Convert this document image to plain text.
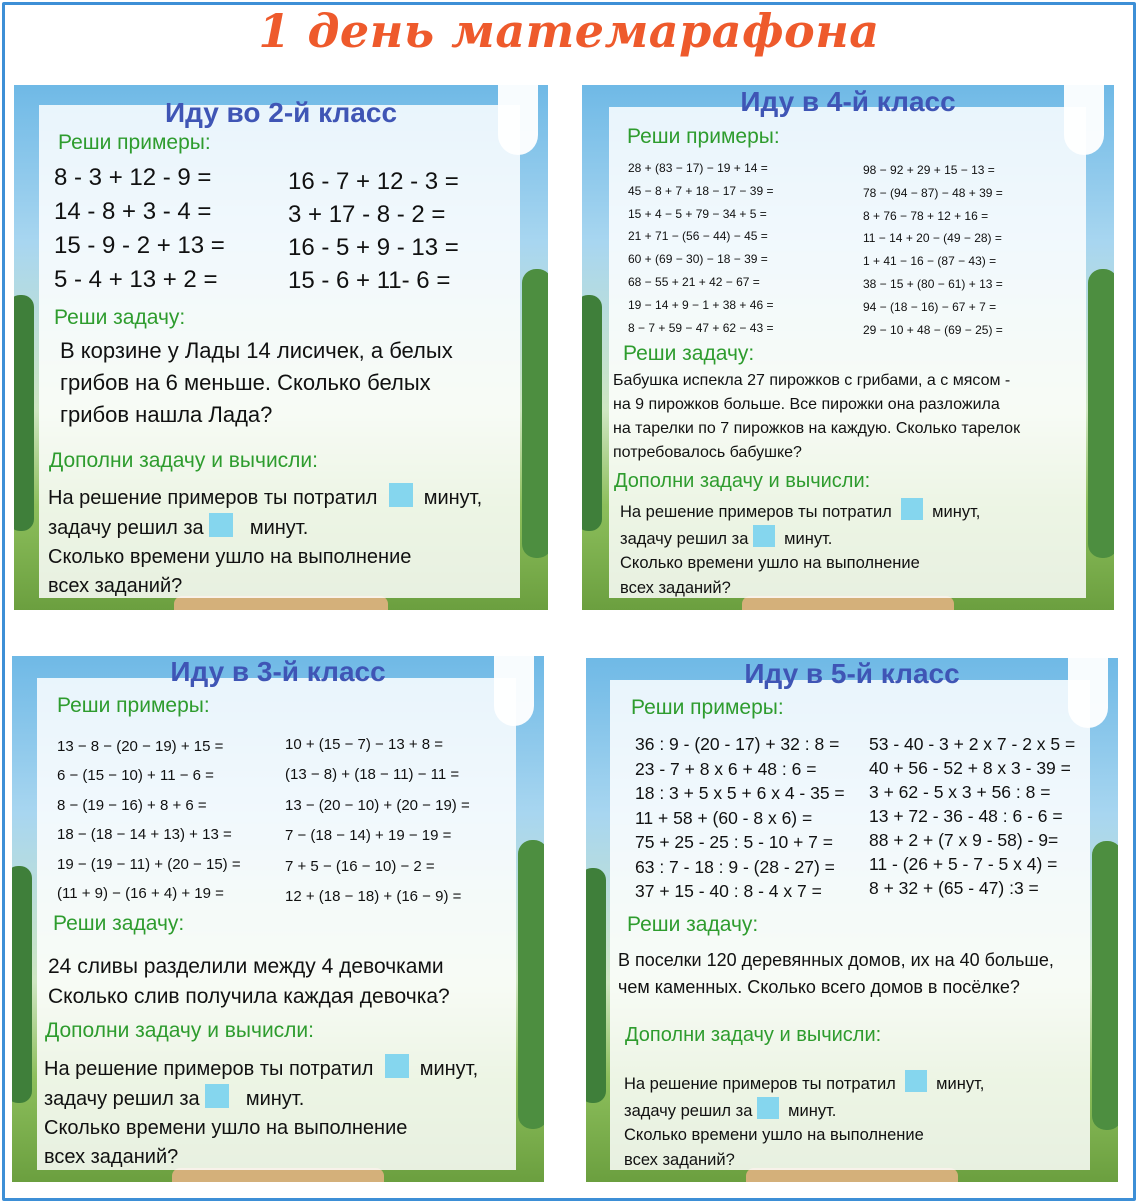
1 день матемарафона
Иду во 2-й класс
Реши примеры:
8 - 3 + 12 - 9 =
14 - 8 + 3 - 4 =
15 - 9 - 2 + 13 =
5 - 4 + 13 + 2 =
16 - 7 + 12 - 3 =
3 + 17 - 8 - 2 =
16 - 5 + 9 - 13 =
15 - 6 + 11- 6 =
Реши задачу:
В корзине у Лады 14 лисичек, а белых
грибов на 6 меньше. Сколько белых
грибов нашла Лада?
Дополни задачу и вычисли:
На решение примеров ты потратил минут,
задачу решил за минут.
Сколько времени ушло на выполнение
всех заданий?
Иду в 4-й класс
Реши примеры:
28 + (83 − 17) − 19 + 14 =
45 − 8 + 7 + 18 − 17 − 39 =
15 + 4 − 5 + 79 − 34 + 5 =
21 + 71 − (56 − 44) − 45 =
60 + (69 − 30) − 18 − 39 =
68 − 55 + 21 + 42 − 67 =
19 − 14 + 9 − 1 + 38 + 46 =
8 − 7 + 59 − 47 + 62 − 43 =
98 − 92 + 29 + 15 − 13 =
78 − (94 − 87) − 48 + 39 =
8 + 76 − 78 + 12 + 16 =
11 − 14 + 20 − (49 − 28) =
1 + 41 − 16 − (87 − 43) =
38 − 15 + (80 − 61) + 13 =
94 − (18 − 16) − 67 + 7 =
29 − 10 + 48 − (69 − 25) =
Реши задачу:
Бабушка испекла 27 пирожков с грибами, а с мясом -
на 9 пирожков больше. Все пирожки она разложила
на тарелки по 7 пирожков на каждую. Сколько тарелок
потребовалось бабушке?
Дополни задачу и вычисли:
На решение примеров ты потратил минут,
задачу решил за минут.
Сколько времени ушло на выполнение
всех заданий?
Иду в 3-й класс
Реши примеры:
13 − 8 − (20 − 19) + 15 =
6 − (15 − 10) + 11 − 6 =
8 − (19 − 16) + 8 + 6 =
18 − (18 − 14 + 13) + 13 =
19 − (19 − 11) + (20 − 15) =
(11 + 9) − (16 + 4) + 19 =
10 + (15 − 7) − 13 + 8 =
(13 − 8) + (18 − 11) − 11 =
13 − (20 − 10) + (20 − 19) =
7 − (18 − 14) + 19 − 19 =
7 + 5 − (16 − 10) − 2 =
12 + (18 − 18) + (16 − 9) =
Реши задачу:
24 сливы разделили между 4 девочками
Сколько слив получила каждая девочка?
Дополни задачу и вычисли:
На решение примеров ты потратил минут,
задачу решил за минут.
Сколько времени ушло на выполнение
всех заданий?
Иду в 5-й класс
Реши примеры:
36 : 9 - (20 - 17) + 32 : 8 =
23 - 7 + 8 х 6 + 48 : 6 =
18 : 3 + 5 х 5 + 6 х 4 - 35 =
11 + 58 + (60 - 8 х 6) =
75 + 25 - 25 : 5 - 10 + 7 =
63 : 7 - 18 : 9 - (28 - 27) =
37 + 15 - 40 : 8 - 4 х 7 =
53 - 40 - 3 + 2 х 7 - 2 х 5 =
40 + 56 - 52 + 8 х 3 - 39 =
3 + 62 - 5 х 3 + 56 : 8 =
13 + 72 - 36 - 48 : 6 - 6 =
88 + 2 + (7 х 9 - 58) - 9=
11 - (26 + 5 - 7 - 5 х 4) =
8 + 32 + (65 - 47) :3 =
Реши задачу:
В поселки 120 деревянных домов, их на 40 больше,
чем каменных. Сколько всего домов в посёлке?
Дополни задачу и вычисли:
На решение примеров ты потратил минут,
задачу решил за минут.
Сколько времени ушло на выполнение
всех заданий?
